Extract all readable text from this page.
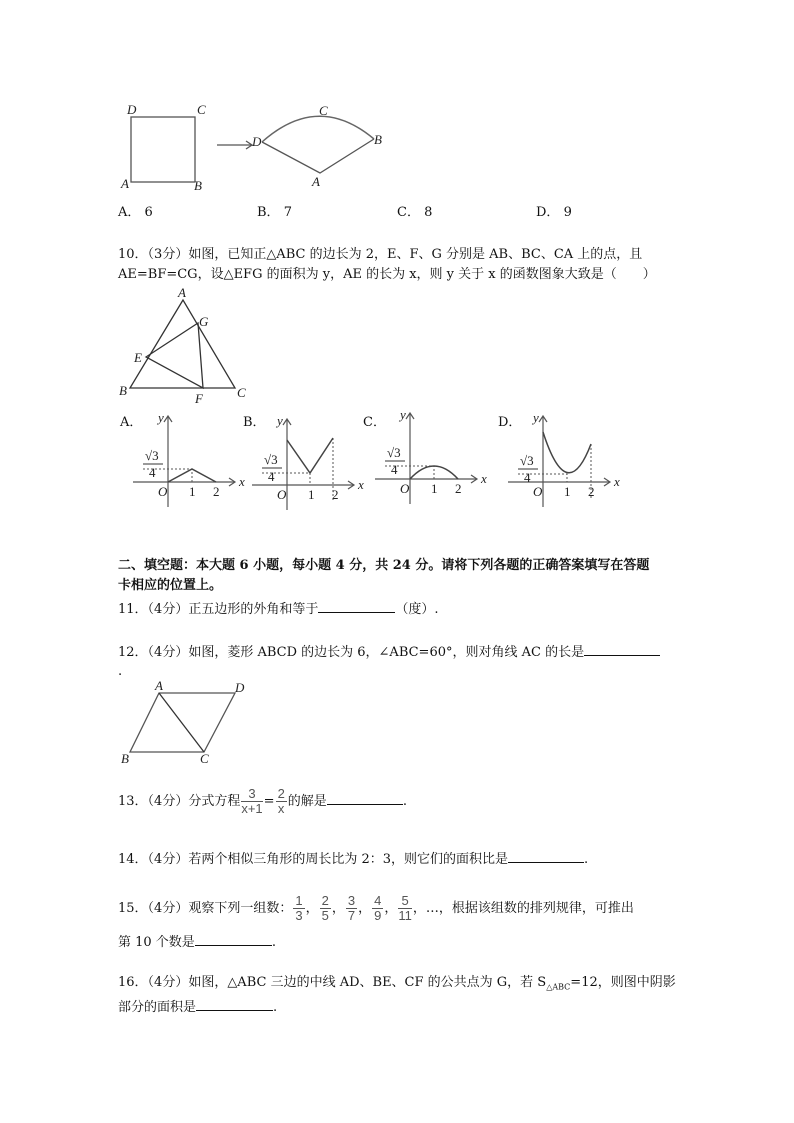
D	C
A	B
C
D	B
A
A． 6	B． 7	C． 8	D． 9
10．（3分）如图，已知正△ABC 的边长为 2，E、F、G 分别是 AB、BC、CA 上的点，且
AE=BF=CG，设△EFG 的面积为 y，AE 的长为 x，则 y 关于 x 的函数图象大致是（　　）
A
G
E
B
F	C
A．	B．	C．	D．
y
x
O 1 2
√3
4
y
x
O 1 2
√3
4
y
x
O 1 2
√3
4
y
x
O 1 2
√3
4
二、填空题：本大题 6 小题，每小题 4 分，共 24 分。请将下列各题的正确答案填写在答题
卡相应的位置上。
11．（4分）正五边形的外角和等于	（度）.
12．（4分）如图，菱形 ABCD 的边长为 6，∠ABC=60°，则对角线 AC 的长是
.
A	D
B	C
13．（4分）分式方程 $\frac{3}{x+1} = \frac{2}{x}$ 的解是	.
14．（4分）若两个相似三角形的周长比为 2：3，则它们的面积比是	.
15．（4分）观察下列一组数： $\frac{1}{3}$ ， $\frac{2}{5}$ ， $\frac{3}{7}$ ， $\frac{4}{9}$ ， $\frac{5}{11}$ ，…，根据该组数的排列规律，可推出
第 10 个数是	.
16．（4分）如图，△ABC 三边的中线 AD、BE、CF 的公共点为 G，若 $S_{\triangle ABC}=12$，则图中阴影
部分的面积是	.
